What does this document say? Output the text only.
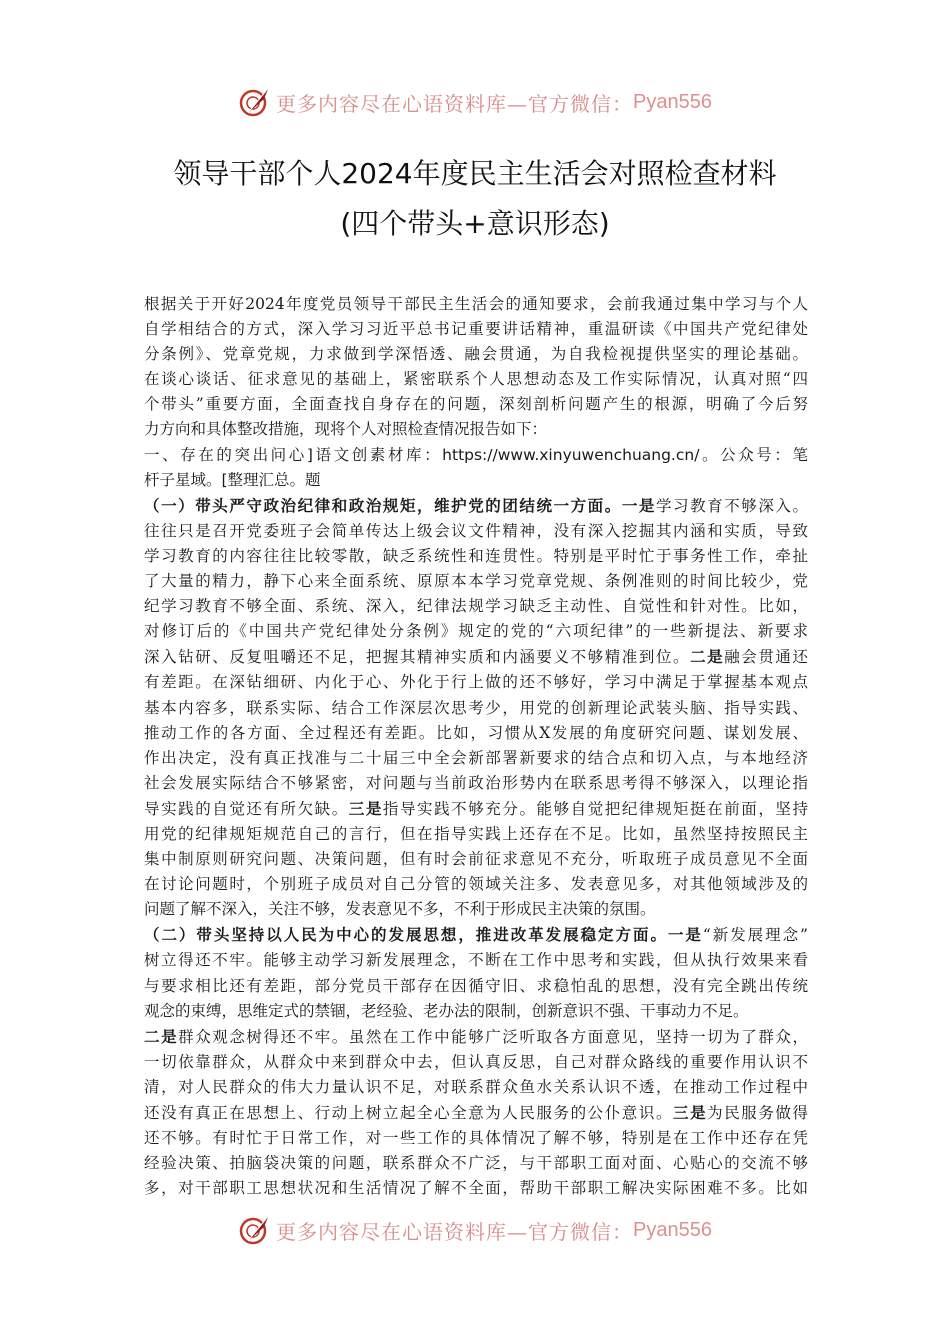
更多内容尽在心语资料库—官方微信： Pyan556
领导干部个人2024年度民主生活会对照检查材料
(四个带头+意识形态)

根据关于开好2024年度党员领导干部民主生活会的通知要求，会前我通过集中学习与个人

自学相结合的方式，深入学习习近平总书记重要讲话精神，重温研读《中国共产党纪律处

分条例》、党章党规，力求做到学深悟透、融会贯通，为自我检视提供坚实的理论基础。

在谈心谈话、征求意见的基础上，紧密联系个人思想动态及工作实际情况，认真对照“四

个带头”重要方面，全面查找自身存在的问题，深刻剖析问题产生的根源，明确了今后努

力方向和具体整改措施，现将个人对照检查情况报告如下：

一、存在的突出问心]语文创素材库：https://www.xinyuwenchuang.cn/。公众号：笔

杆子星域。[整理汇总。题

（一）带头严守政治纪律和政治规矩，维护党的团结统一方面。一是学习教育不够深入。

往往只是召开党委班子会简单传达上级会议文件精神，没有深入挖掘其内涵和实质，导致

学习教育的内容往往比较零散，缺乏系统性和连贯性。特别是平时忙于事务性工作，牵扯

了大量的精力，静下心来全面系统、原原本本学习党章党规、条例准则的时间比较少，党

纪学习教育不够全面、系统、深入，纪律法规学习缺乏主动性、自觉性和针对性。比如，

对修订后的《中国共产党纪律处分条例》规定的党的“六项纪律”的一些新提法、新要求

深入钻研、反复咀嚼还不足，把握其精神实质和内涵要义不够精准到位。二是融会贯通还

有差距。在深钻细研、内化于心、外化于行上做的还不够好，学习中满足于掌握基本观点

基本内容多，联系实际、结合工作深层次思考少，用党的创新理论武装头脑、指导实践、

推动工作的各方面、全过程还有差距。比如，习惯从X发展的角度研究问题、谋划发展、

作出决定，没有真正找准与二十届三中全会新部署新要求的结合点和切入点，与本地经济

社会发展实际结合不够紧密，对问题与当前政治形势内在联系思考得不够深入，以理论指

导实践的自觉还有所欠缺。三是指导实践不够充分。能够自觉把纪律规矩挺在前面，坚持

用党的纪律规矩规范自己的言行，但在指导实践上还存在不足。比如，虽然坚持按照民主

集中制原则研究问题、决策问题，但有时会前征求意见不充分，听取班子成员意见不全面

在讨论问题时，个别班子成员对自己分管的领域关注多、发表意见多，对其他领域涉及的

问题了解不深入，关注不够，发表意见不多，不利于形成民主决策的氛围。

（二）带头坚持以人民为中心的发展思想，推进改革发展稳定方面。一是“新发展理念”

树立得还不牢。能够主动学习新发展理念，不断在工作中思考和实践，但从执行效果来看

与要求相比还有差距，部分党员干部存在因循守旧、求稳怕乱的思想，没有完全跳出传统

观念的束缚，思维定式的禁锢，老经验、老办法的限制，创新意识不强、干事动力不足。

二是群众观念树得还不牢。虽然在工作中能够广泛听取各方面意见，坚持一切为了群众，

一切依靠群众，从群众中来到群众中去，但认真反思，自己对群众路线的重要作用认识不

清，对人民群众的伟大力量认识不足，对联系群众鱼水关系认识不透，在推动工作过程中

还没有真正在思想上、行动上树立起全心全意为人民服务的公仆意识。三是为民服务做得

还不够。有时忙于日常工作，对一些工作的具体情况了解不够，特别是在工作中还存在凭

经验决策、拍脑袋决策的问题，联系群众不广泛，与干部职工面对面、心贴心的交流不够

多，对干部职工思想状况和生活情况了解不全面，帮助干部职工解决实际困难不多。比如

更多内容尽在心语资料库—官方微信： Pyan556
